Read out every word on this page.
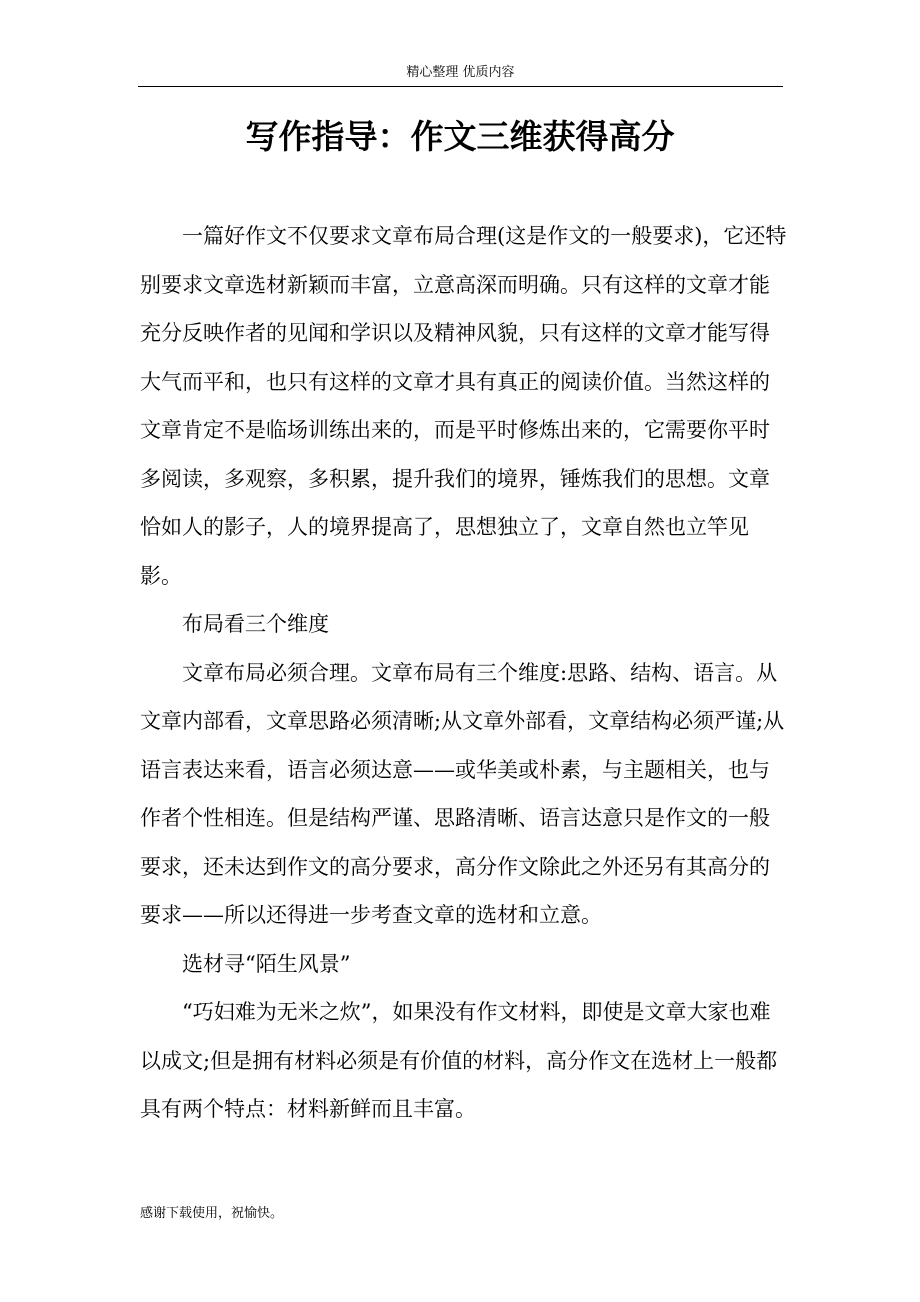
精心整理 优质内容
写作指导：作文三维获得高分

一篇好作文不仅要求文章布局合理(这是作文的一般要求)，它还特别要求文章选材新颖而丰富，立意高深而明确。只有这样的文章才能充分反映作者的见闻和学识以及精神风貌，只有这样的文章才能写得大气而平和，也只有这样的文章才具有真正的阅读价值。当然这样的文章肯定不是临场训练出来的，而是平时修炼出来的，它需要你平时多阅读，多观察，多积累，提升我们的境界，锤炼我们的思想。文章恰如人的影子，人的境界提高了，思想独立了，文章自然也立竿见影。

布局看三个维度

文章布局必须合理。文章布局有三个维度:思路、结构、语言。从文章内部看，文章思路必须清晰;从文章外部看，文章结构必须严谨;从语言表达来看，语言必须达意——或华美或朴素，与主题相关，也与作者个性相连。但是结构严谨、思路清晰、语言达意只是作文的一般要求，还未达到作文的高分要求，高分作文除此之外还另有其高分的要求——所以还得进一步考查文章的选材和立意。

选材寻“陌生风景”

“巧妇难为无米之炊”，如果没有作文材料，即使是文章大家也难以成文;但是拥有材料必须是有价值的材料，高分作文在选材上一般都具有两个特点：材料新鲜而且丰富。

感谢下载使用，祝愉快。
